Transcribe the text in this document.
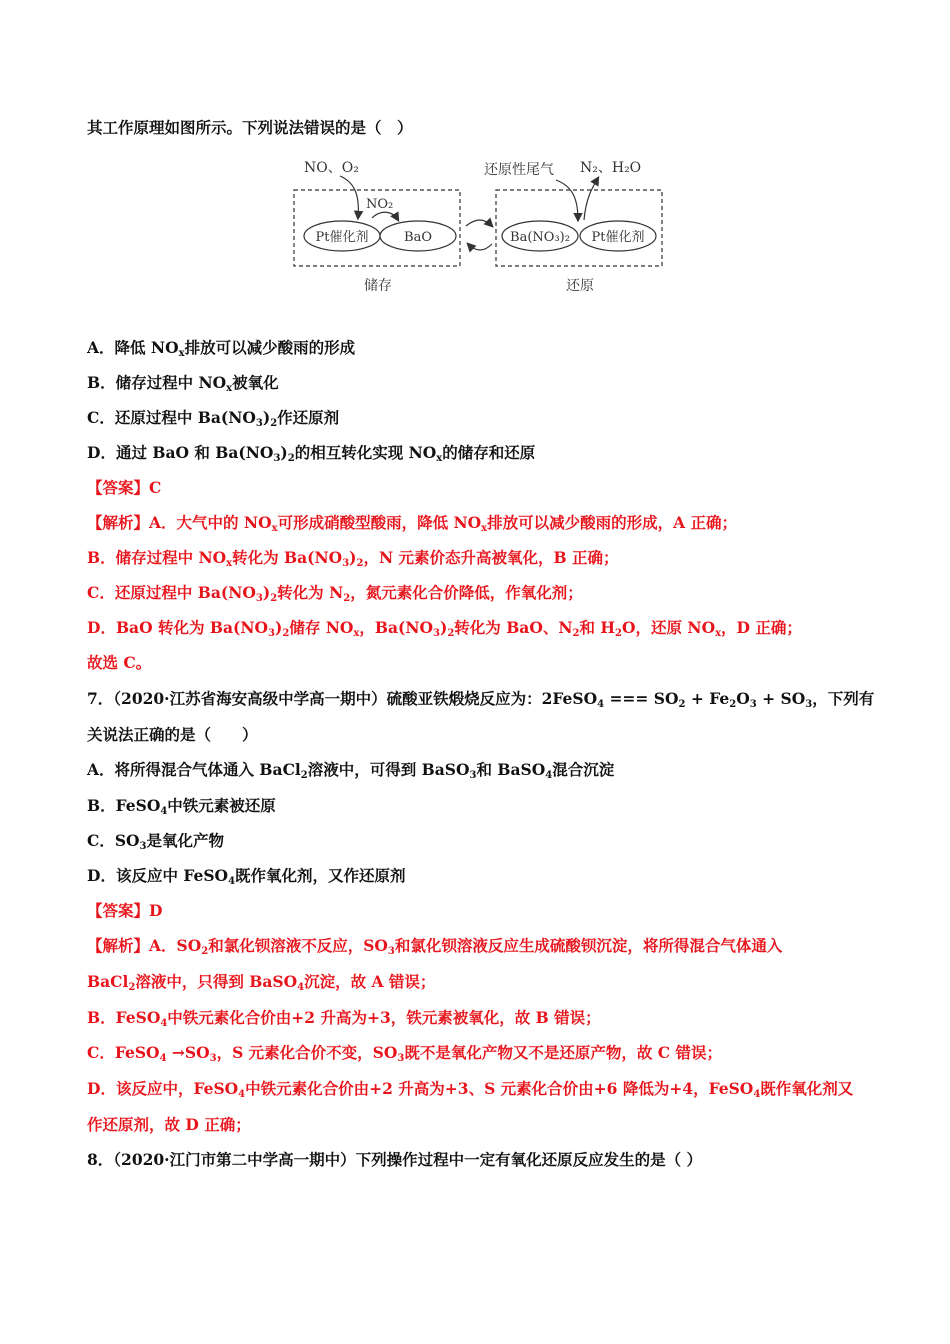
其工作原理如图所示。下列说法错误的是（　）
Pt催化剂	BaO	Ba(NO₃)₂ Pt催化剂
NO、O₂
NO₂
还原性尾气 N₂、H₂O
储存	还原
A．降低 $NO_x$排放可以减少酸雨的形成
B．储存过程中 $NO_x$被氧化
C．还原过程中 $Ba(NO_3)_2$作还原剂
D．通过 BaO 和 $Ba(NO_3)_2$的相互转化实现 $NO_x$的储存和还原
【答案】C
【解析】A．大气中的 $NO_x$可形成硝酸型酸雨，降低 $NO_x$排放可以减少酸雨的形成，A 正确；
B．储存过程中 $NO_x$转化为 $Ba(NO_3)_2$，N 元素价态升高被氧化，B 正确；
C．还原过程中 $Ba(NO_3)_2$转化为 $N_2$，氮元素化合价降低，作氧化剂；
D．BaO 转化为 $Ba(NO_3)_2$储存 $NO_x$，$Ba(NO_3)_2$转化为 BaO、$N_2$和 $H_2O$，还原 $NO_x$，D 正确；
故选 C。
7．（2020·江苏省海安高级中学高一期中）硫酸亚铁煅烧反应为：2FeSO$_4$ === $SO_2 + Fe_2O_3 + SO_3$，下列有
关说法正确的是（　　）
A．将所得混合气体通入 BaCl$_2$溶液中，可得到 BaSO$_3$和 BaSO$_4$混合沉淀
B．FeSO$_4$中铁元素被还原
C．$SO_3$是氧化产物
D．该反应中 FeSO$_4$既作氧化剂，又作还原剂
【答案】D
【解析】A．$SO_2$和氯化钡溶液不反应，$SO_3$和氯化钡溶液反应生成硫酸钡沉淀，将所得混合气体通入
BaCl$_2$溶液中，只得到 BaSO$_4$沉淀，故 A 错误；
B．FeSO$_4$中铁元素化合价由+2 升高为+3，铁元素被氧化，故 B 错误；
C．FeSO$_4$ $\to SO_3$，S 元素化合价不变，$SO_3$既不是氧化产物又不是还原产物，故 C 错误；
D．该反应中，FeSO$_4$中铁元素化合价由+2 升高为+3、S 元素化合价由+6 降低为+4，FeSO$_4$既作氧化剂又
作还原剂，故 D 正确；
8．（2020·江门市第二中学高一期中）下列操作过程中一定有氧化还原反应发生的是（ ）
